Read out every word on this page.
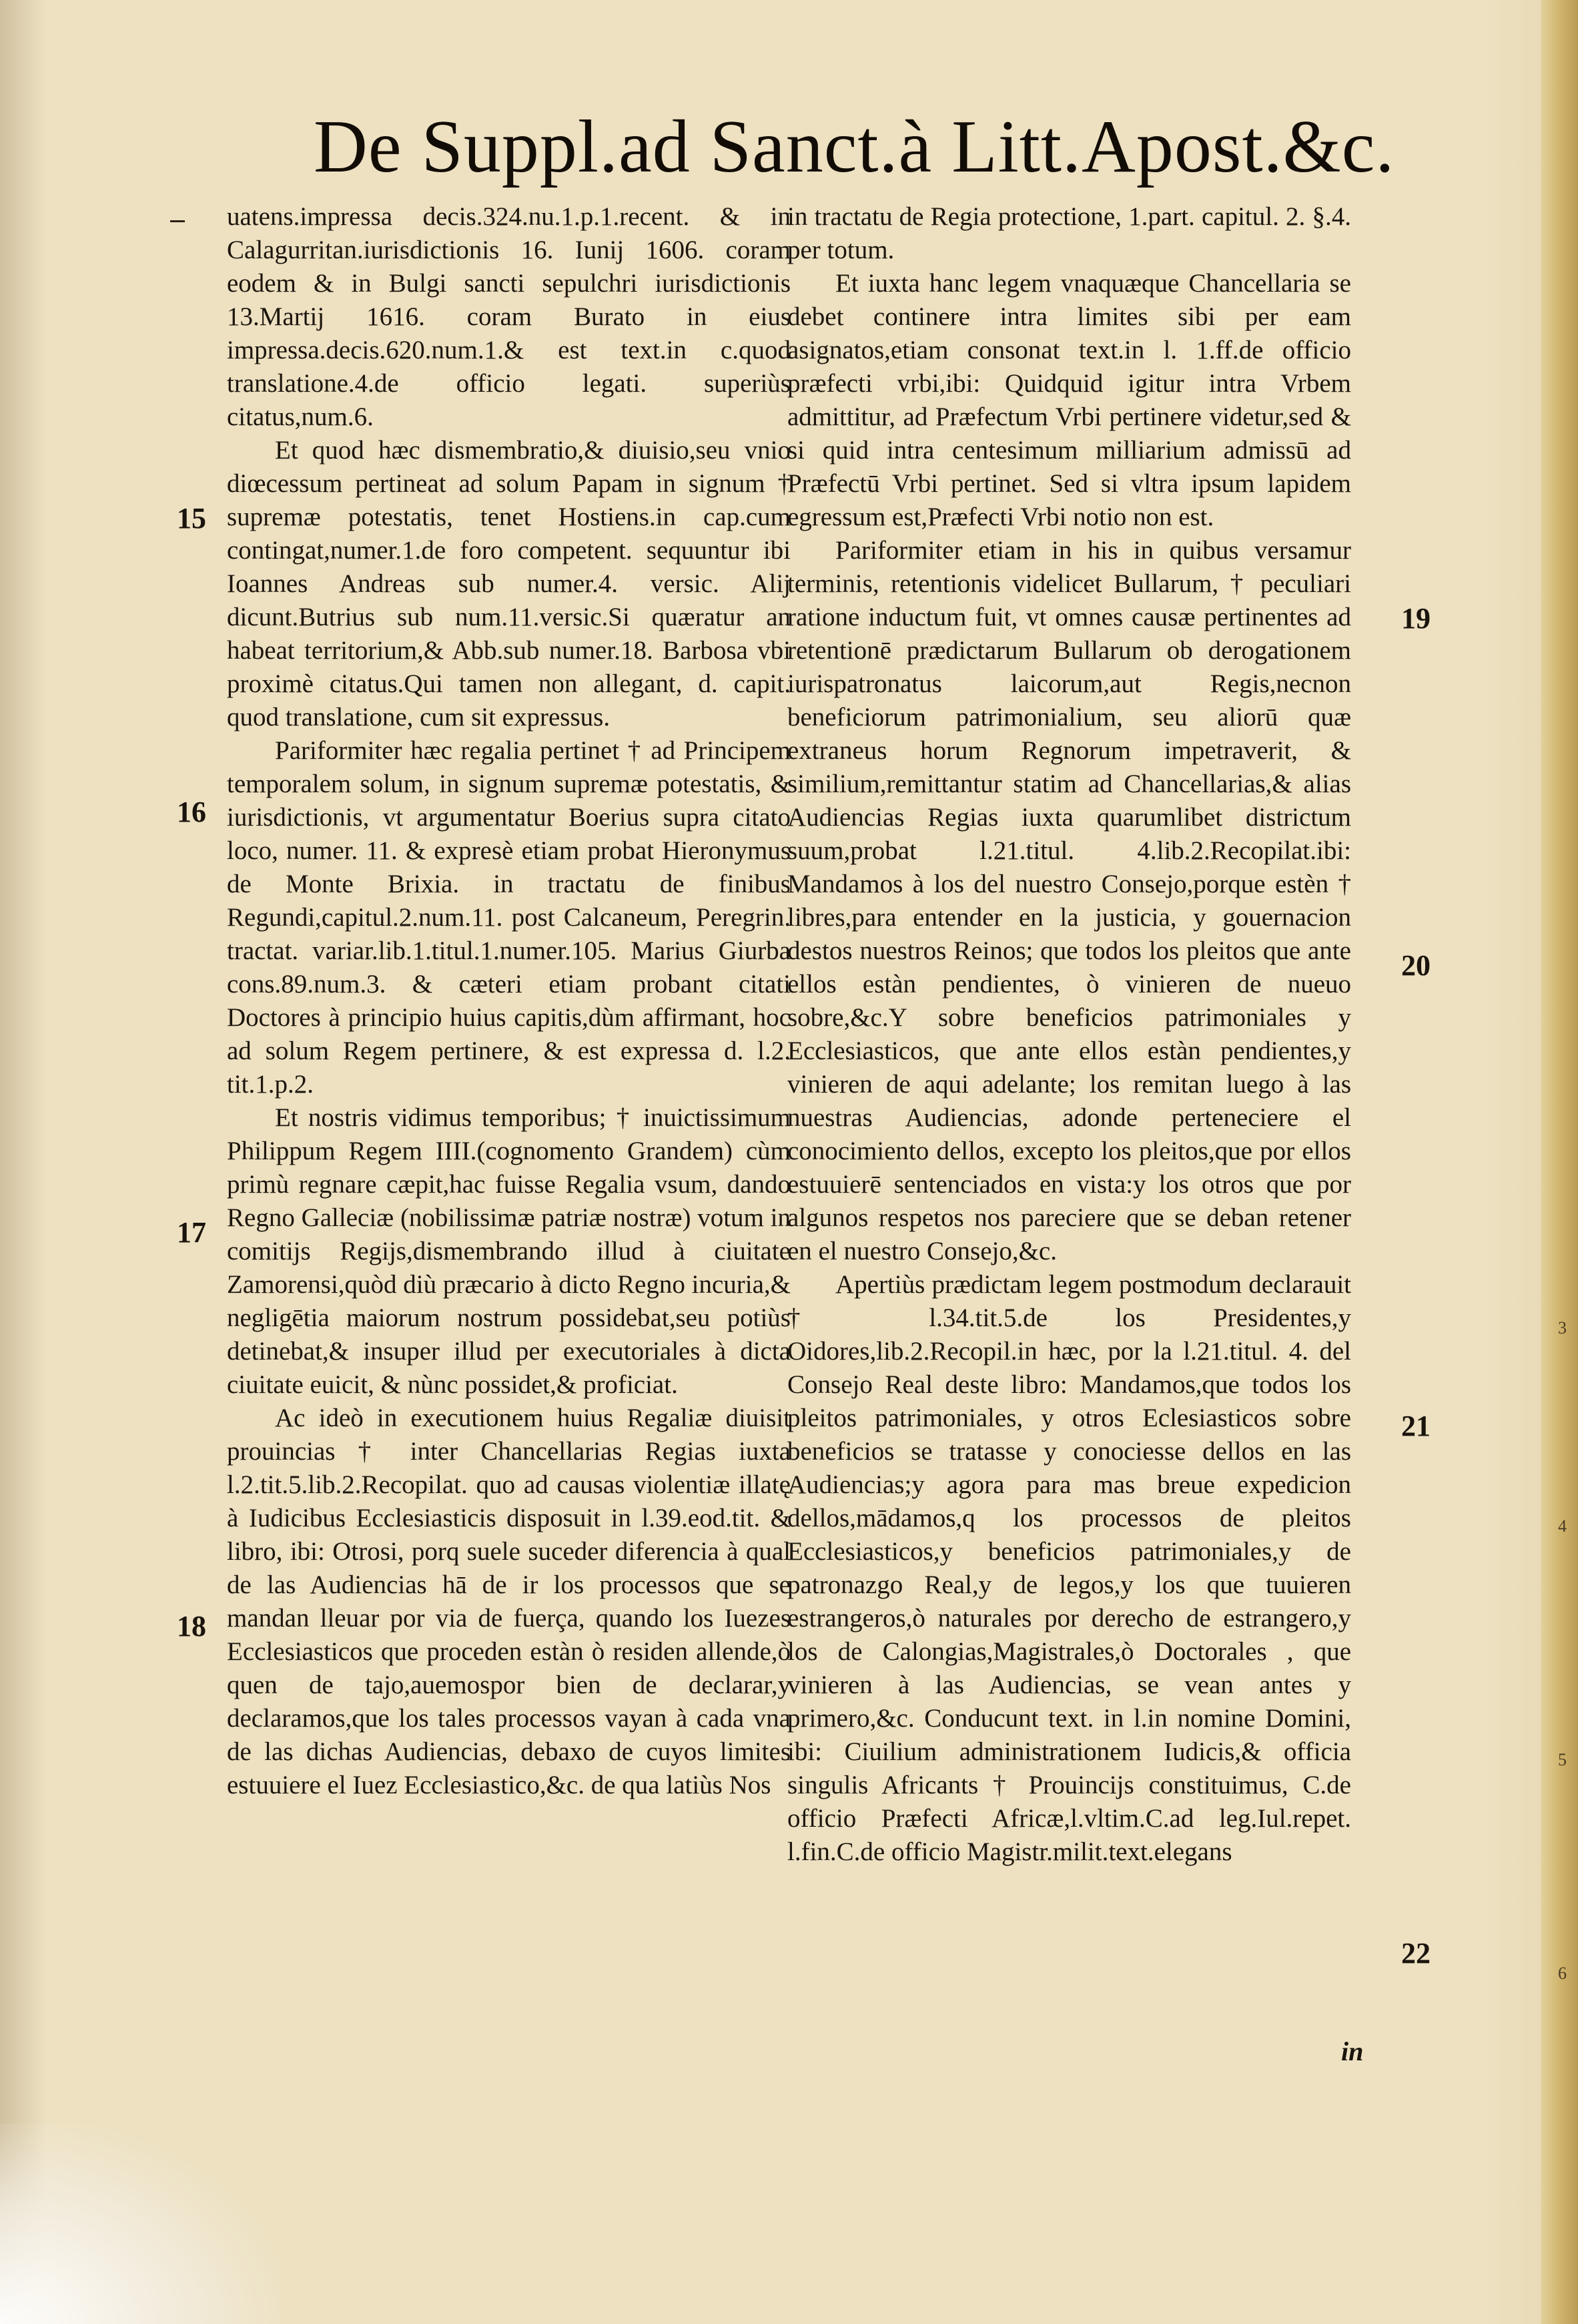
De Suppl.ad Sanct.à Litt.Apost.&c.

uatens.impressa decis.324.nu.1.p.1.recent. & in Calagurritan.iurisdictionis 16. Iunij 1606. coram eodem & in Bulgi sancti sepulchri iurisdictionis 13.Martij 1616. coram Burato in eius impressa.decis.620.num.1.& est text.in c.quod translatione.4.de officio legati. superiùs citatus,num.6.

Et quod hæc dismembratio,& diuisio,seu vnio diœcessum pertineat ad solum Papam in signum † supremæ potestatis, tenet Hostiens.in cap.cum contingat,numer.1.de foro competent. sequuntur ibi Ioannes Andreas sub numer.4. versic. Alij dicunt.Butrius sub num.11.versic.Si quæratur an habeat territorium,& Abb.sub numer.18. Barbosa vbi proximè citatus.Qui tamen non allegant, d. capit. quod translatione, cum sit expressus.

Pariformiter hæc regalia pertinet † ad Principem temporalem solum, in signum supremæ potestatis, & iurisdictionis, vt argumentatur Boerius supra citato loco, numer. 11. & expresè etiam probat Hieronymus de Monte Brixia. in tractatu de finibus Regundi,capitul.2.num.11. post Calcaneum, Peregrin. tractat. variar.lib.1.titul.1.numer.105. Marius Giurba cons.89.num.3. & cæteri etiam probant citati Doctores à principio huius capitis,dùm affirmant, hoc ad solum Regem pertinere, & est expressa d. l.2. tit.1.p.2.

Et nostris vidimus temporibus; † inuictissimum Philippum Regem IIII.(cognomento Grandem) cùm primù regnare cæpit,hac fuisse Regalia vsum, dando Regno Galleciæ (nobilissimæ patriæ nostræ) votum in comitijs Regijs,dismembrando illud à ciuitate Zamorensi,quòd diù præcario à dicto Regno incuria,& negligētia maiorum nostrum possidebat,seu potiùs detinebat,& insuper illud per executoriales à dicta ciuitate euicit, & nùnc possidet,& proficiat.

Ac ideò in executionem huius Regaliæ diuisit prouincias † inter Chancellarias Regias iuxta l.2.tit.5.lib.2.Recopilat. quo ad causas violentiæ illatę à Iudicibus Ecclesiasticis disposuit in l.39.eod.tit. & libro, ibi: Otrosi, porq suele suceder diferencia à qual de las Audiencias hā de ir los processos que se mandan lleuar por via de fuerça, quando los Iuezes Ecclesiasticos que proceden estàn ò residen allende,ò quen de tajo,auemospor bien de declarar,y declaramos,que los tales processos vayan à cada vna de las dichas Audiencias, debaxo de cuyos limites estuuiere el Iuez Ecclesiastico,&c. de qua latiùs Nos

in tractatu de Regia protectione, 1.part. capitul. 2. §.4. per totum.

Et iuxta hanc legem vnaquæque Chancellaria se debet continere intra limites sibi per eam asignatos,etiam consonat text.in l. 1.ff.de officio præfecti vrbi,ibi: Quidquid igitur intra Vrbem admittitur, ad Præfectum Vrbi pertinere videtur,sed & si quid intra centesimum milliarium admissū ad Præfectū Vrbi pertinet. Sed si vltra ipsum lapidem egressum est,Præfecti Vrbi notio non est.

Pariformiter etiam in his in quibus versamur terminis, retentionis videlicet Bullarum, † peculiari ratione inductum fuit, vt omnes causæ pertinentes ad retentionē prædictarum Bullarum ob derogationem iurispatronatus laicorum,aut Regis,necnon beneficiorum patrimonialium, seu aliorū quæ extraneus horum Regnorum impetraverit, & similium,remittantur statim ad Chancellarias,& alias Audiencias Regias iuxta quarumlibet districtum suum,probat l.21.titul. 4.lib.2.Recopilat.ibi: Mandamos à los del nuestro Consejo,porque estèn † libres,para entender en la justicia, y gouernacion destos nuestros Reinos; que todos los pleitos que ante ellos estàn pendientes, ò vinieren de nueuo sobre,&c.Y sobre beneficios patrimoniales y Ecclesiasticos, que ante ellos estàn pendientes,y vinieren de aqui adelante; los remitan luego à las nuestras Audiencias, adonde perteneciere el conocimiento dellos, excepto los pleitos,que por ellos estuuierē sentenciados en vista:y los otros que por algunos respetos nos pareciere que se deban retener en el nuestro Consejo,&c.

Apertiùs prædictam legem postmodum declarauit † l.34.tit.5.de los Presidentes,y Oidores,lib.2.Recopil.in hæc, por la l.21.titul. 4. del Consejo Real deste libro: Mandamos,que todos los pleitos patrimoniales, y otros Eclesiasticos sobre beneficios se tratasse y conociesse dellos en las Audiencias;y agora para mas breue expedicion dellos,mādamos,q los processos de pleitos Ecclesiasticos,y beneficios patrimoniales,y de patronazgo Real,y de legos,y los que tuuieren estrangeros,ò naturales por derecho de estrangero,y los de Calongias,Magistrales,ò Doctorales , que vinieren à las Audiencias, se vean antes y primero,&c. Conducunt text. in l.in nomine Domini, ibi: Ciuilium administrationem Iudicis,& officia singulis Africants † Prouincijs constituimus, C.de officio Præfecti Africæ,l.vltim.C.ad leg.Iul.repet. l.fin.C.de officio Magistr.milit.text.elegans

15
16
17
18
19
20
21
22
3
4
5
6
in
